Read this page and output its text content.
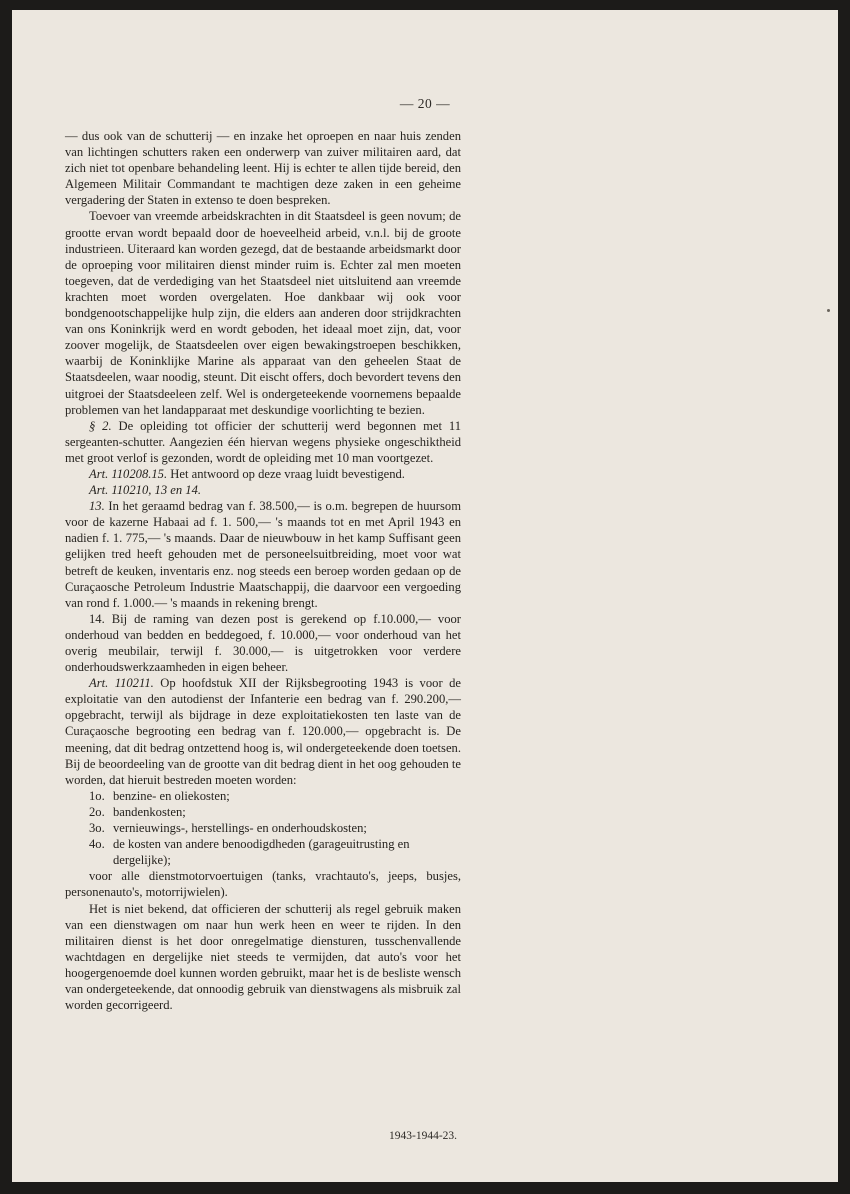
— 20 —

— dus ook van de schutterij — en inzake het oproepen en naar huis zenden van lichtingen schutters raken een onderwerp van zuiver militairen aard, dat zich niet tot openbare behandeling leent. Hij is echter te allen tijde bereid, den Algemeen Militair Commandant te machtigen deze zaken in een geheime vergadering der Staten in extenso te doen bespreken.

Toevoer van vreemde arbeidskrachten in dit Staatsdeel is geen novum; de grootte ervan wordt bepaald door de hoeveelheid arbeid, v.n.l. bij de groote industrieen. Uiteraard kan worden gezegd, dat de bestaande arbeidsmarkt door de oproeping voor militairen dienst minder ruim is. Echter zal men moeten toegeven, dat de verdediging van het Staatsdeel niet uitsluitend aan vreemde krachten moet worden overgelaten. Hoe dankbaar wij ook voor bondgenootschappelijke hulp zijn, die elders aan anderen door strijdkrachten van ons Koninkrijk werd en wordt geboden, het ideaal moet zijn, dat, voor zoover mogelijk, de Staatsdeelen over eigen bewakingstroepen beschikken, waarbij de Koninklijke Marine als apparaat van den geheelen Staat de Staatsdeelen, waar noodig, steunt. Dit eischt offers, doch bevordert tevens den uitgroei der Staatsdeeleen zelf. Wel is ondergeteekende voornemens bepaalde problemen van het landapparaat met deskundige voorlichting te bezien.

§ 2. De opleiding tot officier der schutterij werd begonnen met 11 sergeanten-schutter. Aangezien één hiervan wegens physieke ongeschiktheid met groot verlof is gezonden, wordt de opleiding met 10 man voortgezet.

Art. 110208.15. Het antwoord op deze vraag luidt bevestigend.

Art. 110210, 13 en 14.

13. In het geraamd bedrag van f. 38.500,— is o.m. begrepen de huursom voor de kazerne Habaai ad f. 1. 500,— 's maands tot en met April 1943 en nadien f. 1. 775,— 's maands. Daar de nieuwbouw in het kamp Suffisant geen gelijken tred heeft gehouden met de personeelsuitbreiding, moet voor wat betreft de keuken, inventaris enz. nog steeds een beroep worden gedaan op de Curaçaosche Petroleum Industrie Maatschappij, die daarvoor een vergoeding van rond f. 1.000.— 's maands in rekening brengt.

14. Bij de raming van dezen post is gerekend op f.10.000,— voor onderhoud van bedden en beddegoed, f. 10.000,— voor onderhoud van het overig meubilair, terwijl f. 30.000,— is uitgetrokken voor verdere onderhoudswerkzaamheden in eigen beheer.

Art. 110211. Op hoofdstuk XII der Rijksbegrooting 1943 is voor de exploitatie van den autodienst der Infanterie een bedrag van f. 290.200,— opgebracht, terwijl als bijdrage in deze exploitatiekosten ten laste van de Curaçaosche begrooting een bedrag van f. 120.000,— opgebracht is. De meening, dat dit bedrag ontzettend hoog is, wil ondergeteekende doen toetsen. Bij de beoordeeling van de grootte van dit bedrag dient in het oog gehouden te worden, dat hieruit bestreden moeten worden:

1o. benzine- en oliekosten;
2o. bandenkosten;
3o. vernieuwings-, herstellings- en onderhoudskosten;
4o. de kosten van andere benoodigdheden (garageuitrusting en dergelijke);

voor alle dienstmotorvoertuigen (tanks, vrachtauto's, jeeps, busjes, personenauto's, motorrijwielen).

Het is niet bekend, dat officieren der schutterij als regel gebruik maken van een dienstwagen om naar hun werk heen en weer te rijden. In den militairen dienst is het door onregelmatige diensturen, tusschenvallende wachtdagen en dergelijke niet steeds te vermijden, dat auto's voor het hoogergenoemde doel kunnen worden gebruikt, maar het is de besliste wensch van ondergeteekende, dat onnoodig gebruik van dienstwagens als misbruik zal worden gecorrigeerd.

1943-1944-23.
